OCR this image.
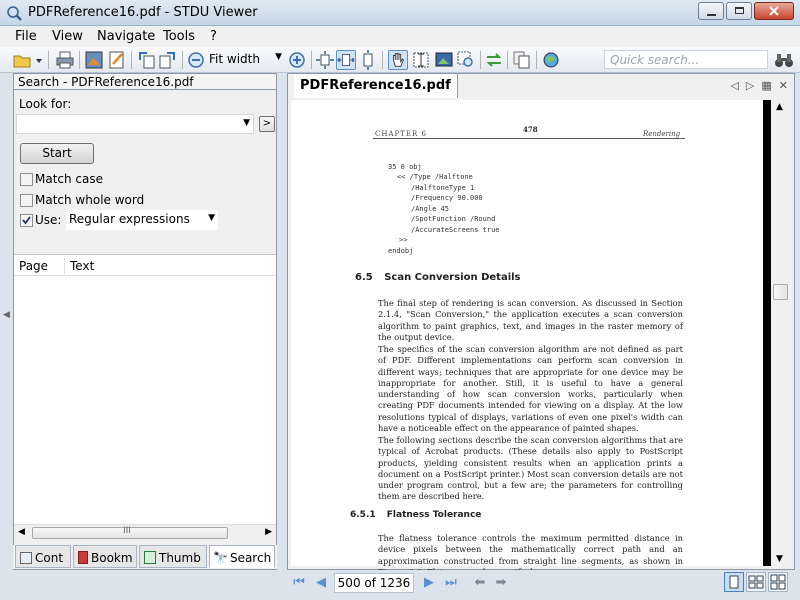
PDFReference16.pdf - STDU Viewer
File View Navigate Tools ?
Fit width ▼	Quick search...
◀
Search - PDFReference16.pdf
Look for:
▼	>
Start
Match case
Match whole word
Use: Regular expressions ▼
Page Text
◀	III	▶
Cont	Bookm	Thumb	🔭 Search
PDFReference16.pdf	◁ ▷ ▦ ✕
CHAPTER 6	478	Rendering
35 0 obj
<< /Type /Halftone
/HalftoneType 1
/Frequency 90.000
/Angle 45
/SpotFunction /Round
/AccurateScreens true
>>
endobj
6.5 Scan Conversion Details

The final step of rendering is scan conversion. As discussed in Section 2.1.4, "Scan Conversion," the application executes a scan conversion algorithm to paint graphics, text, and images in the raster memory of the output device.

The specifics of the scan conversion algorithm are not defined as part of PDF. Different implementations can perform scan conversion in different ways; techniques that are appropriate for one device may be inappropriate for another. Still, it is useful to have a general understanding of how scan conversion works, particularly when creating PDF documents intended for viewing on a display. At the low resolutions typical of displays, variations of even one pixel's width can have a noticeable effect on the appearance of painted shapes.

The following sections describe the scan conversion algorithms that are typical of Acrobat products. (These details also apply to PostScript products, yielding consistent results when an application prints a document on a PostScript printer.) Most scan conversion details are not under program control, but a few are; the parameters for controlling them are described here.

6.5.1 Flatness Tolerance

The flatness tolerance controls the maximum permitted distance in device pixels between the mathematically correct path and an approximation constructed from straight line segments, as shown in

▲
▼
⏮ ◀ 500 of 1236	▶ ⏭ ⬅ ➡
